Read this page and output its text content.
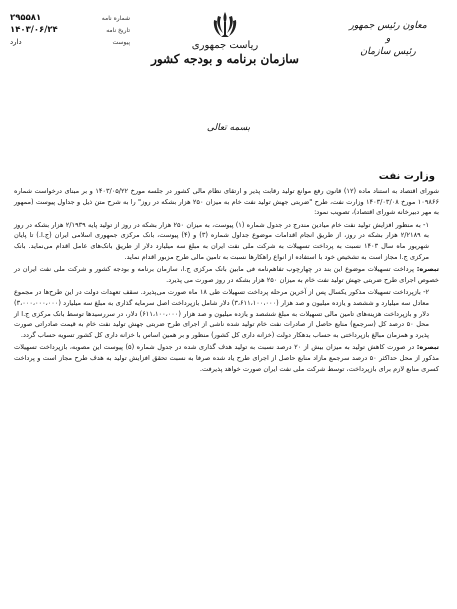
شماره نامه
۲۹۵۵۸۱
تاریخ نامه
۱۴۰۳/۰۶/۲۴
پیوست
دارد	ریاست جمهوری
سازمان برنامه و بودجه کشور
معاون رئیس جمهور
و
رئیس سازمان
بسمه تعالی
وزارت نفت

شورای اقتصاد به استناد ماده (۱۲) قانون رفع موانع تولید رقابت پذیر و ارتقای نظام مالی کشور در جلسه مورخ ۱۴۰۳/۰۵/۲۲ و بر مبنای درخواست شماره ۱۰۹۸۶۶ مورخ ۱۴۰۳/۰۳/۰۸ وزارت نفت، طرح "ضربتی جهش تولید نفت خام به میزان ۲۵۰ هزار بشکه در روز" را به شرح متن ذیل و جداول پیوست (ممهور به مهر دبیرخانه شورای اقتصاد)، تصویب نمود:

۱- به منظور افزایش تولید نفت خام میادین مندرج در جدول شماره (۱) پیوست، به میزان ۲۵۰ هزار بشکه در روز از تولید پایه ۲/۱۹۳۹ هزار بشکه در روز به ۲/۲۱۸۹ هزار بشکه در روز، از طریق انجام اقدامات موضوع جداول شماره (۳) و (۴) پیوست، بانک مرکزی جمهوری اسلامی ایران (ج.ا.) تا پایان شهریور ماه سال ۱۴۰۳ نسبت به پرداخت تسهیلات به شرکت ملی نفت ایران به مبلغ سه میلیارد دلار از طریق بانک‌های عامل اقدام می‌نماید. بانک مرکزی ج.ا مجاز است به تشخیص خود با استفاده از انواع راهکارها نسبت به تامین مالی طرح مزبور اقدام نماید.

تبصره: پرداخت تسهیلات موضوع این بند در چهارچوب تفاهم‌نامه فی مابین بانک مرکزی ج.ا، سازمان برنامه و بودجه کشور و شرکت ملی نفت ایران در خصوص اجرای طرح ضربتی جهش تولید نفت خام به میزان ۲۵۰ هزار بشکه در روز صورت می پذیرد.

۲- بازپرداخت تسهیلات مذکور یکسال پس از آخرین مرحله پرداخت تسهیلات طی ۱۸ ماه صورت می‌پذیرد. سقف تعهدات دولت در این طرح‌ها در مجموع معادل سه میلیارد و ششصد و یازده میلیون و صد هزار (۳،۶۱۱،۱۰۰،۰۰۰) دلار شامل بازپرداخت اصل سرمایه گذاری به مبلغ سه میلیارد (۳،۰۰۰،۰۰۰،۰۰۰) دلار و بازپرداخت هزینه‌های تامین مالی تسهیلات به مبلغ ششصد و یازده میلیون و صد هزار (۶۱۱،۱۰۰،۰۰۰) دلار، در سررسیدها توسط بانک مرکزی ج.ا از محل ۵۰ درصد کل (سرجمع) منابع حاصل از صادرات نفت خام تولید شده ناشی از اجرای طرح ضربتی جهش تولید نفت خام به قیمت صادراتی صورت پذیرد و همزمان مبالغ بازپرداختی به حساب بدهکار دولت (خزانه داری کل کشور) منظور و بر همین اساس با خزانه داری کل کشور تسویه حساب گردد.

تبصره: در صورت کاهش تولید به میزان بیش از ۲۰ درصد نسبت به تولید هدف گذاری شده در جدول شماره (۵) پیوست این مصوبه، بازپرداخت تسهیلات مذکور از محل حداکثر ۵۰ درصد سرجمع مازاد منابع حاصل از اجرای طرح یاد شده صرفا به نسبت تحقق افزایش تولید به هدف طرح مجاز است و پرداخت کسری منابع لازم برای بازپرداخت، توسط شرکت ملی نفت ایران صورت خواهد پذیرفت.
